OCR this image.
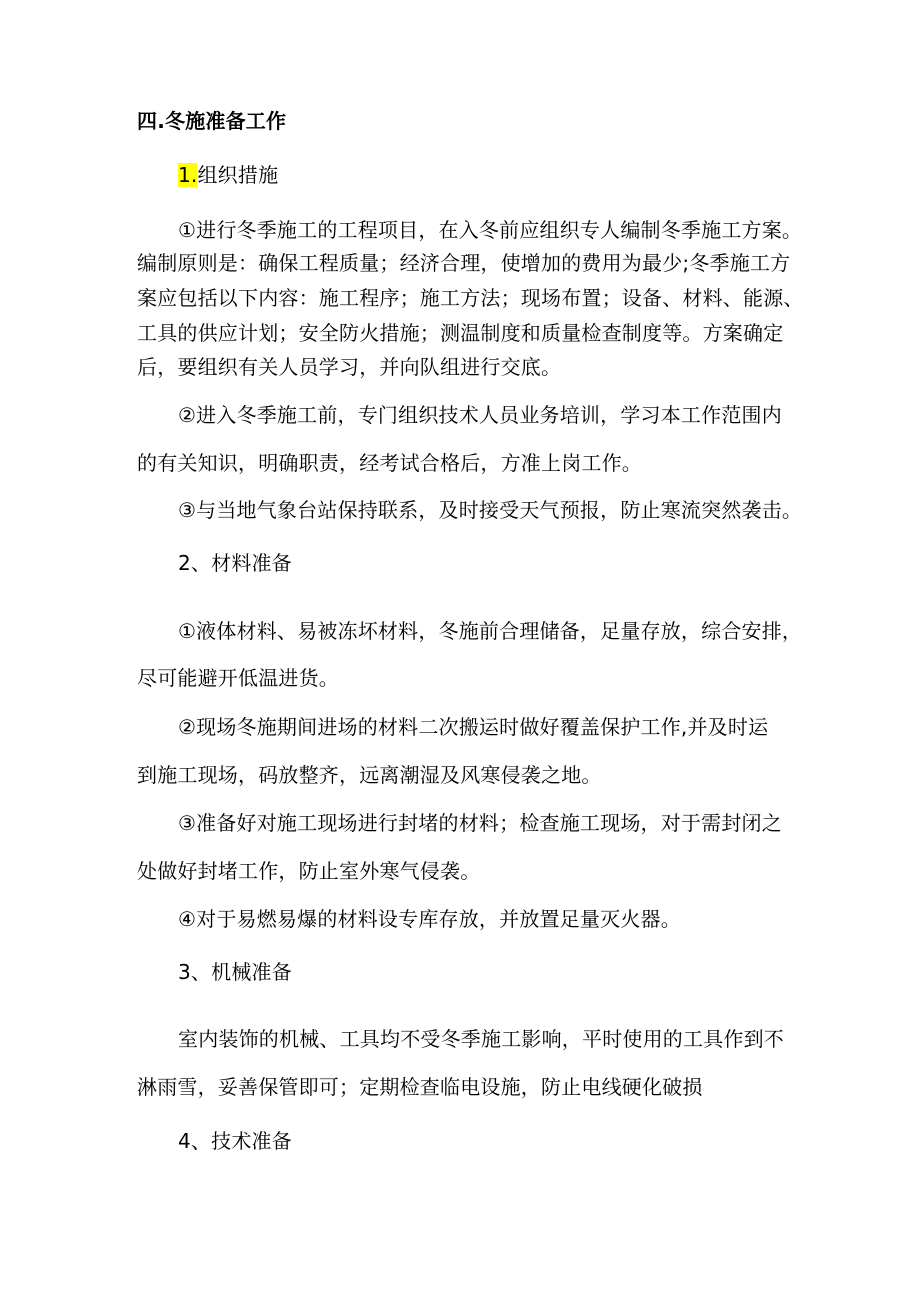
四.冬施准备工作
1.组织措施
①进行冬季施工的工程项目，在入冬前应组织专人编制冬季施工方案。
编制原则是：确保工程质量；经济合理，使增加的费用为最少;冬季施工方
案应包括以下内容：施工程序；施工方法；现场布置；设备、材料、能源、
工具的供应计划；安全防火措施；测温制度和质量检查制度等。方案确定
后，要组织有关人员学习，并向队组进行交底。
②进入冬季施工前，专门组织技术人员业务培训，学习本工作范围内
的有关知识，明确职责，经考试合格后，方准上岗工作。
③与当地气象台站保持联系，及时接受天气预报，防止寒流突然袭击。
2、材料准备
①液体材料、易被冻坏材料，冬施前合理储备，足量存放，综合安排，
尽可能避开低温进货。
②现场冬施期间进场的材料二次搬运时做好覆盖保护工作,并及时运
到施工现场，码放整齐，远离潮湿及风寒侵袭之地。
③准备好对施工现场进行封堵的材料；检查施工现场，对于需封闭之
处做好封堵工作，防止室外寒气侵袭。
④对于易燃易爆的材料设专库存放，并放置足量灭火器。
3、机械准备
室内装饰的机械、工具均不受冬季施工影响，平时使用的工具作到不
淋雨雪，妥善保管即可；定期检查临电设施，防止电线硬化破损
4、技术准备
